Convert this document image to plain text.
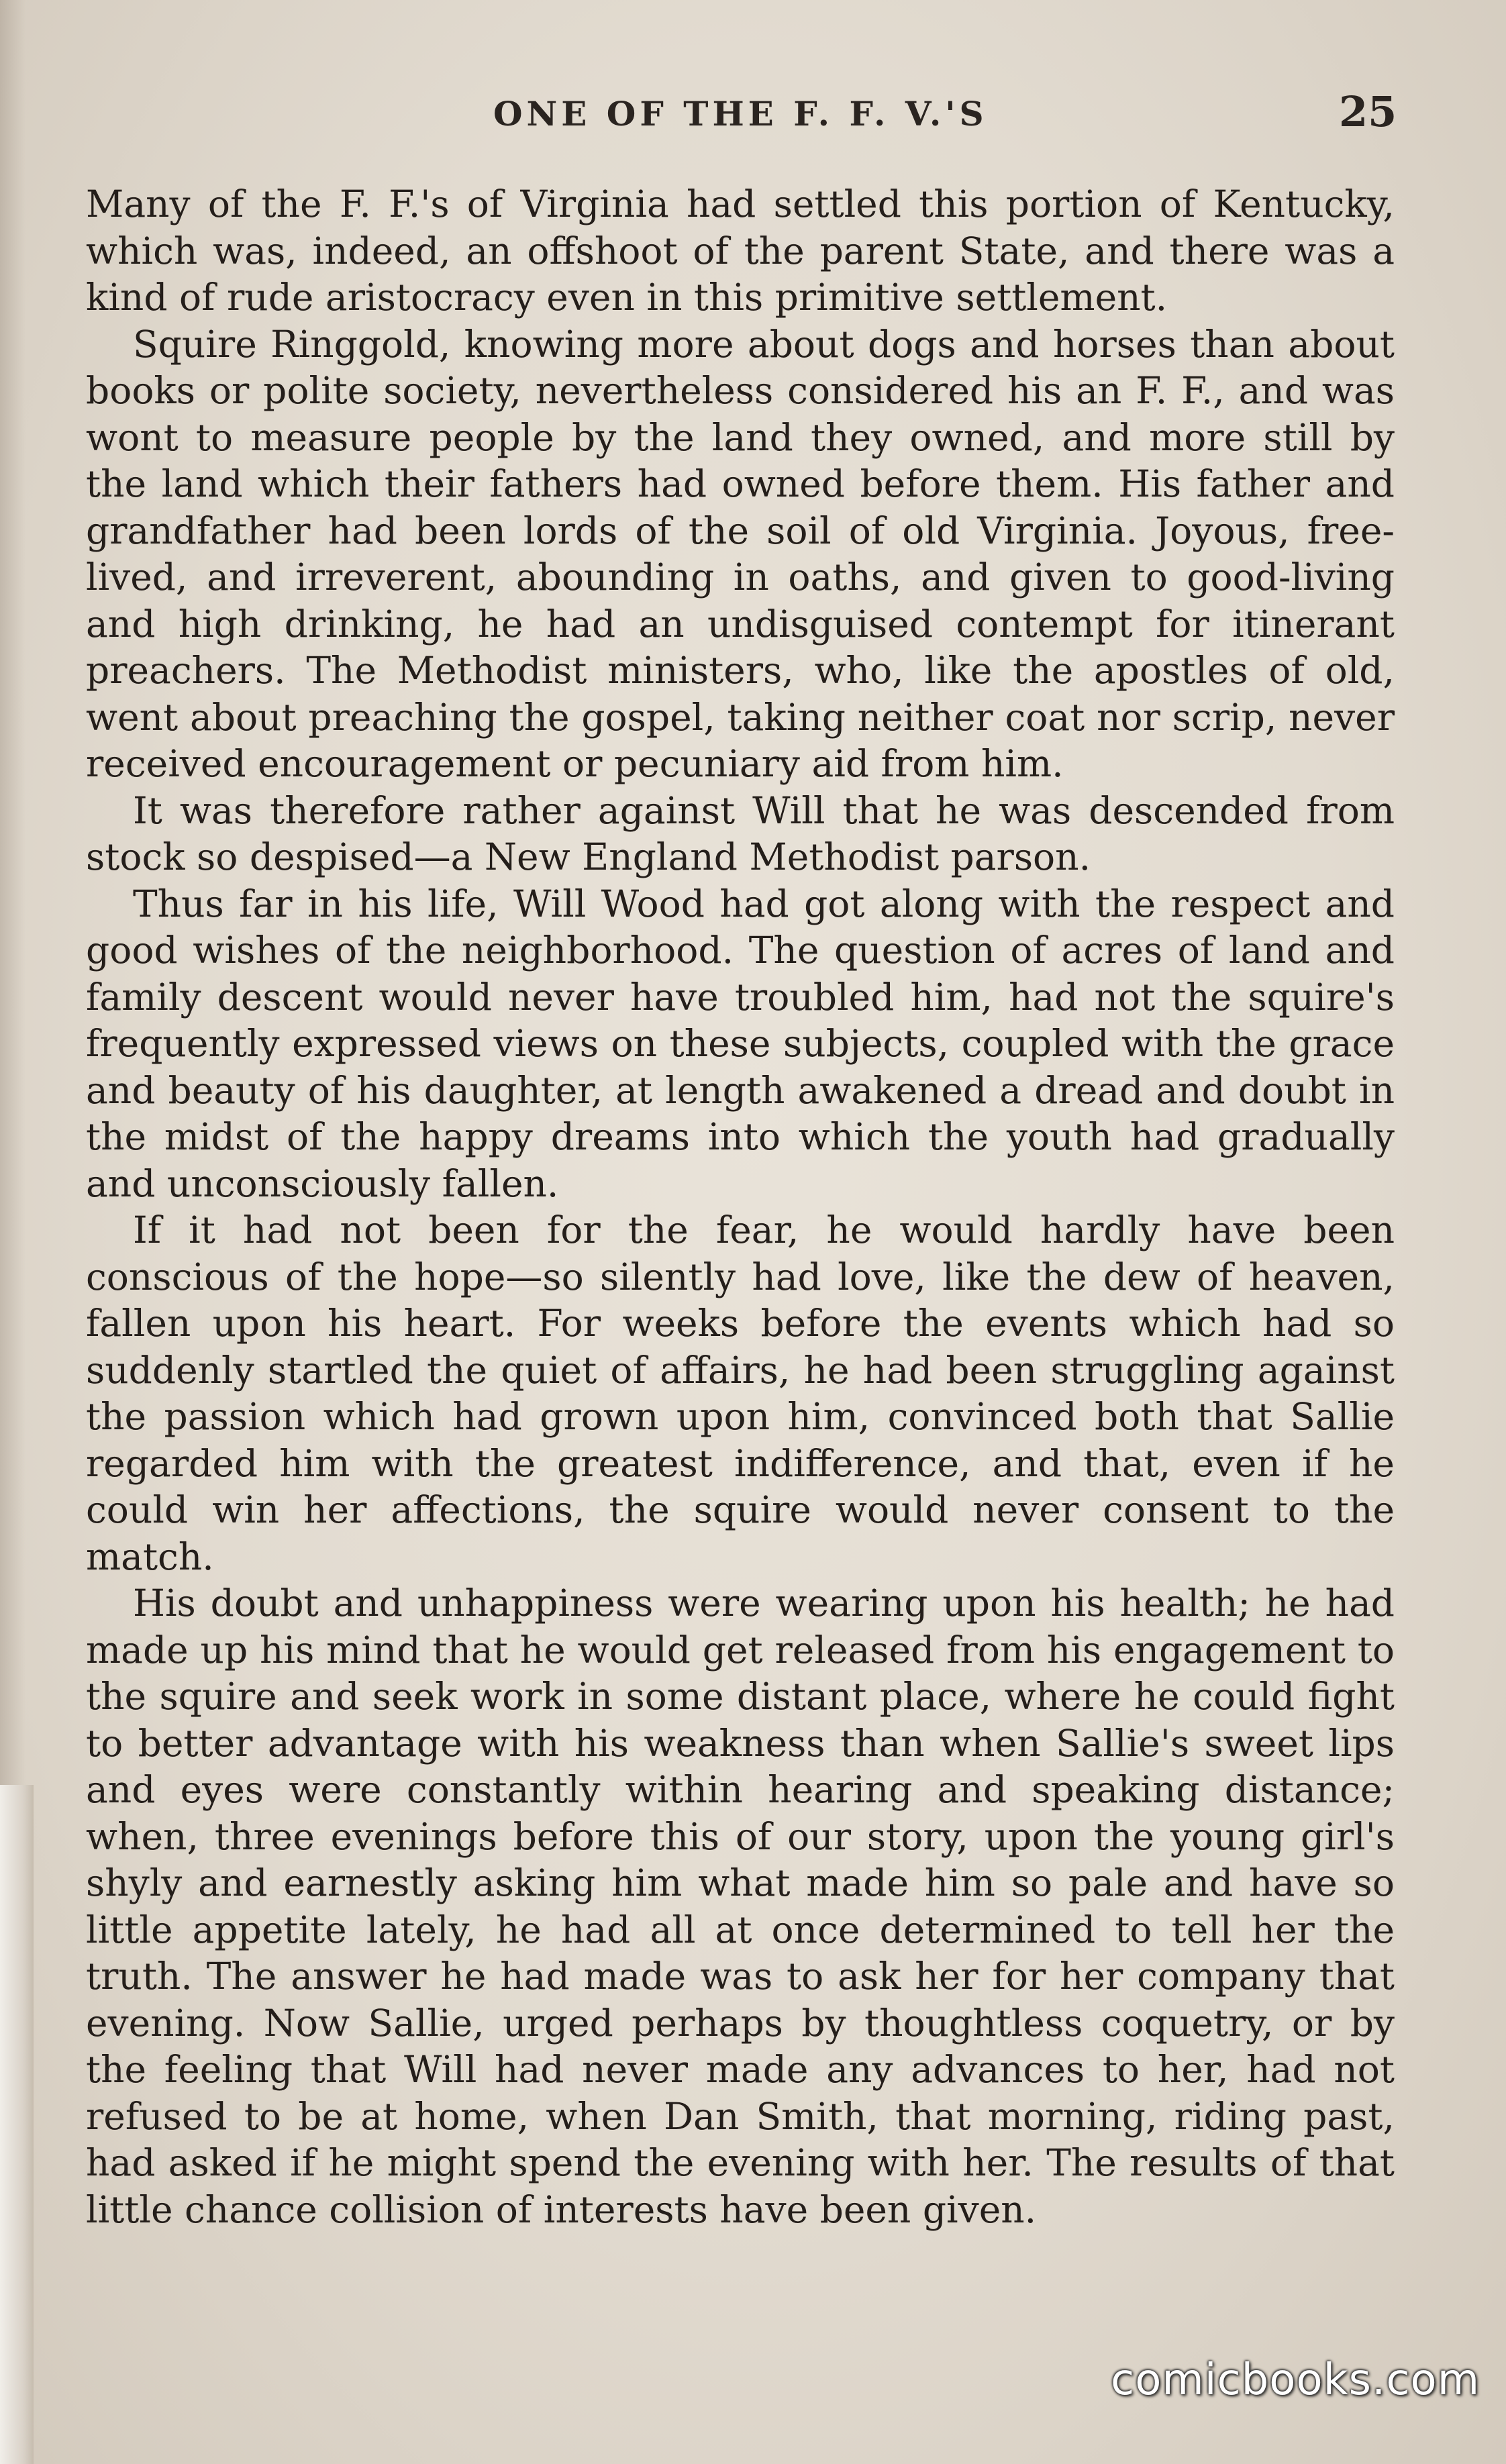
ONE OF THE F. F. V.'S	25

Many of the F. F.'s of Virginia had settled this portion of Kentucky, which was, indeed, an offshoot of the parent State, and there was a kind of rude aristocracy even in this primitive settlement.

Squire Ringgold, knowing more about dogs and horses than about books or polite society, nevertheless considered his an F. F., and was wont to measure people by the land they owned, and more still by the land which their fathers had owned before them. His father and grandfather had been lords of the soil of old Virginia. Joyous, free-lived, and irreverent, abounding in oaths, and given to good-living and high drinking, he had an undisguised contempt for itinerant preachers. The Methodist ministers, who, like the apostles of old, went about preaching the gospel, taking neither coat nor scrip, never received encouragement or pecuniary aid from him.

It was therefore rather against Will that he was descended from stock so despised—a New England Methodist parson.

Thus far in his life, Will Wood had got along with the respect and good wishes of the neighborhood. The question of acres of land and family descent would never have troubled him, had not the squire's frequently expressed views on these subjects, coupled with the grace and beauty of his daughter, at length awakened a dread and doubt in the midst of the happy dreams into which the youth had gradually and unconsciously fallen.

If it had not been for the fear, he would hardly have been conscious of the hope—so silently had love, like the dew of heaven, fallen upon his heart. For weeks before the events which had so suddenly startled the quiet of affairs, he had been struggling against the passion which had grown upon him, convinced both that Sallie regarded him with the greatest indifference, and that, even if he could win her affections, the squire would never consent to the match.

His doubt and unhappiness were wearing upon his health; he had made up his mind that he would get released from his engagement to the squire and seek work in some distant place, where he could fight to better advantage with his weakness than when Sallie's sweet lips and eyes were constantly within hearing and speaking distance; when, three evenings before this of our story, upon the young girl's shyly and earnestly asking him what made him so pale and have so little appetite lately, he had all at once determined to tell her the truth. The answer he had made was to ask her for her company that evening. Now Sallie, urged perhaps by thoughtless coquetry, or by the feeling that Will had never made any advances to her, had not refused to be at home, when Dan Smith, that morning, riding past, had asked if he might spend the evening with her. The results of that little chance collision of interests have been given.

comicbooks.com
